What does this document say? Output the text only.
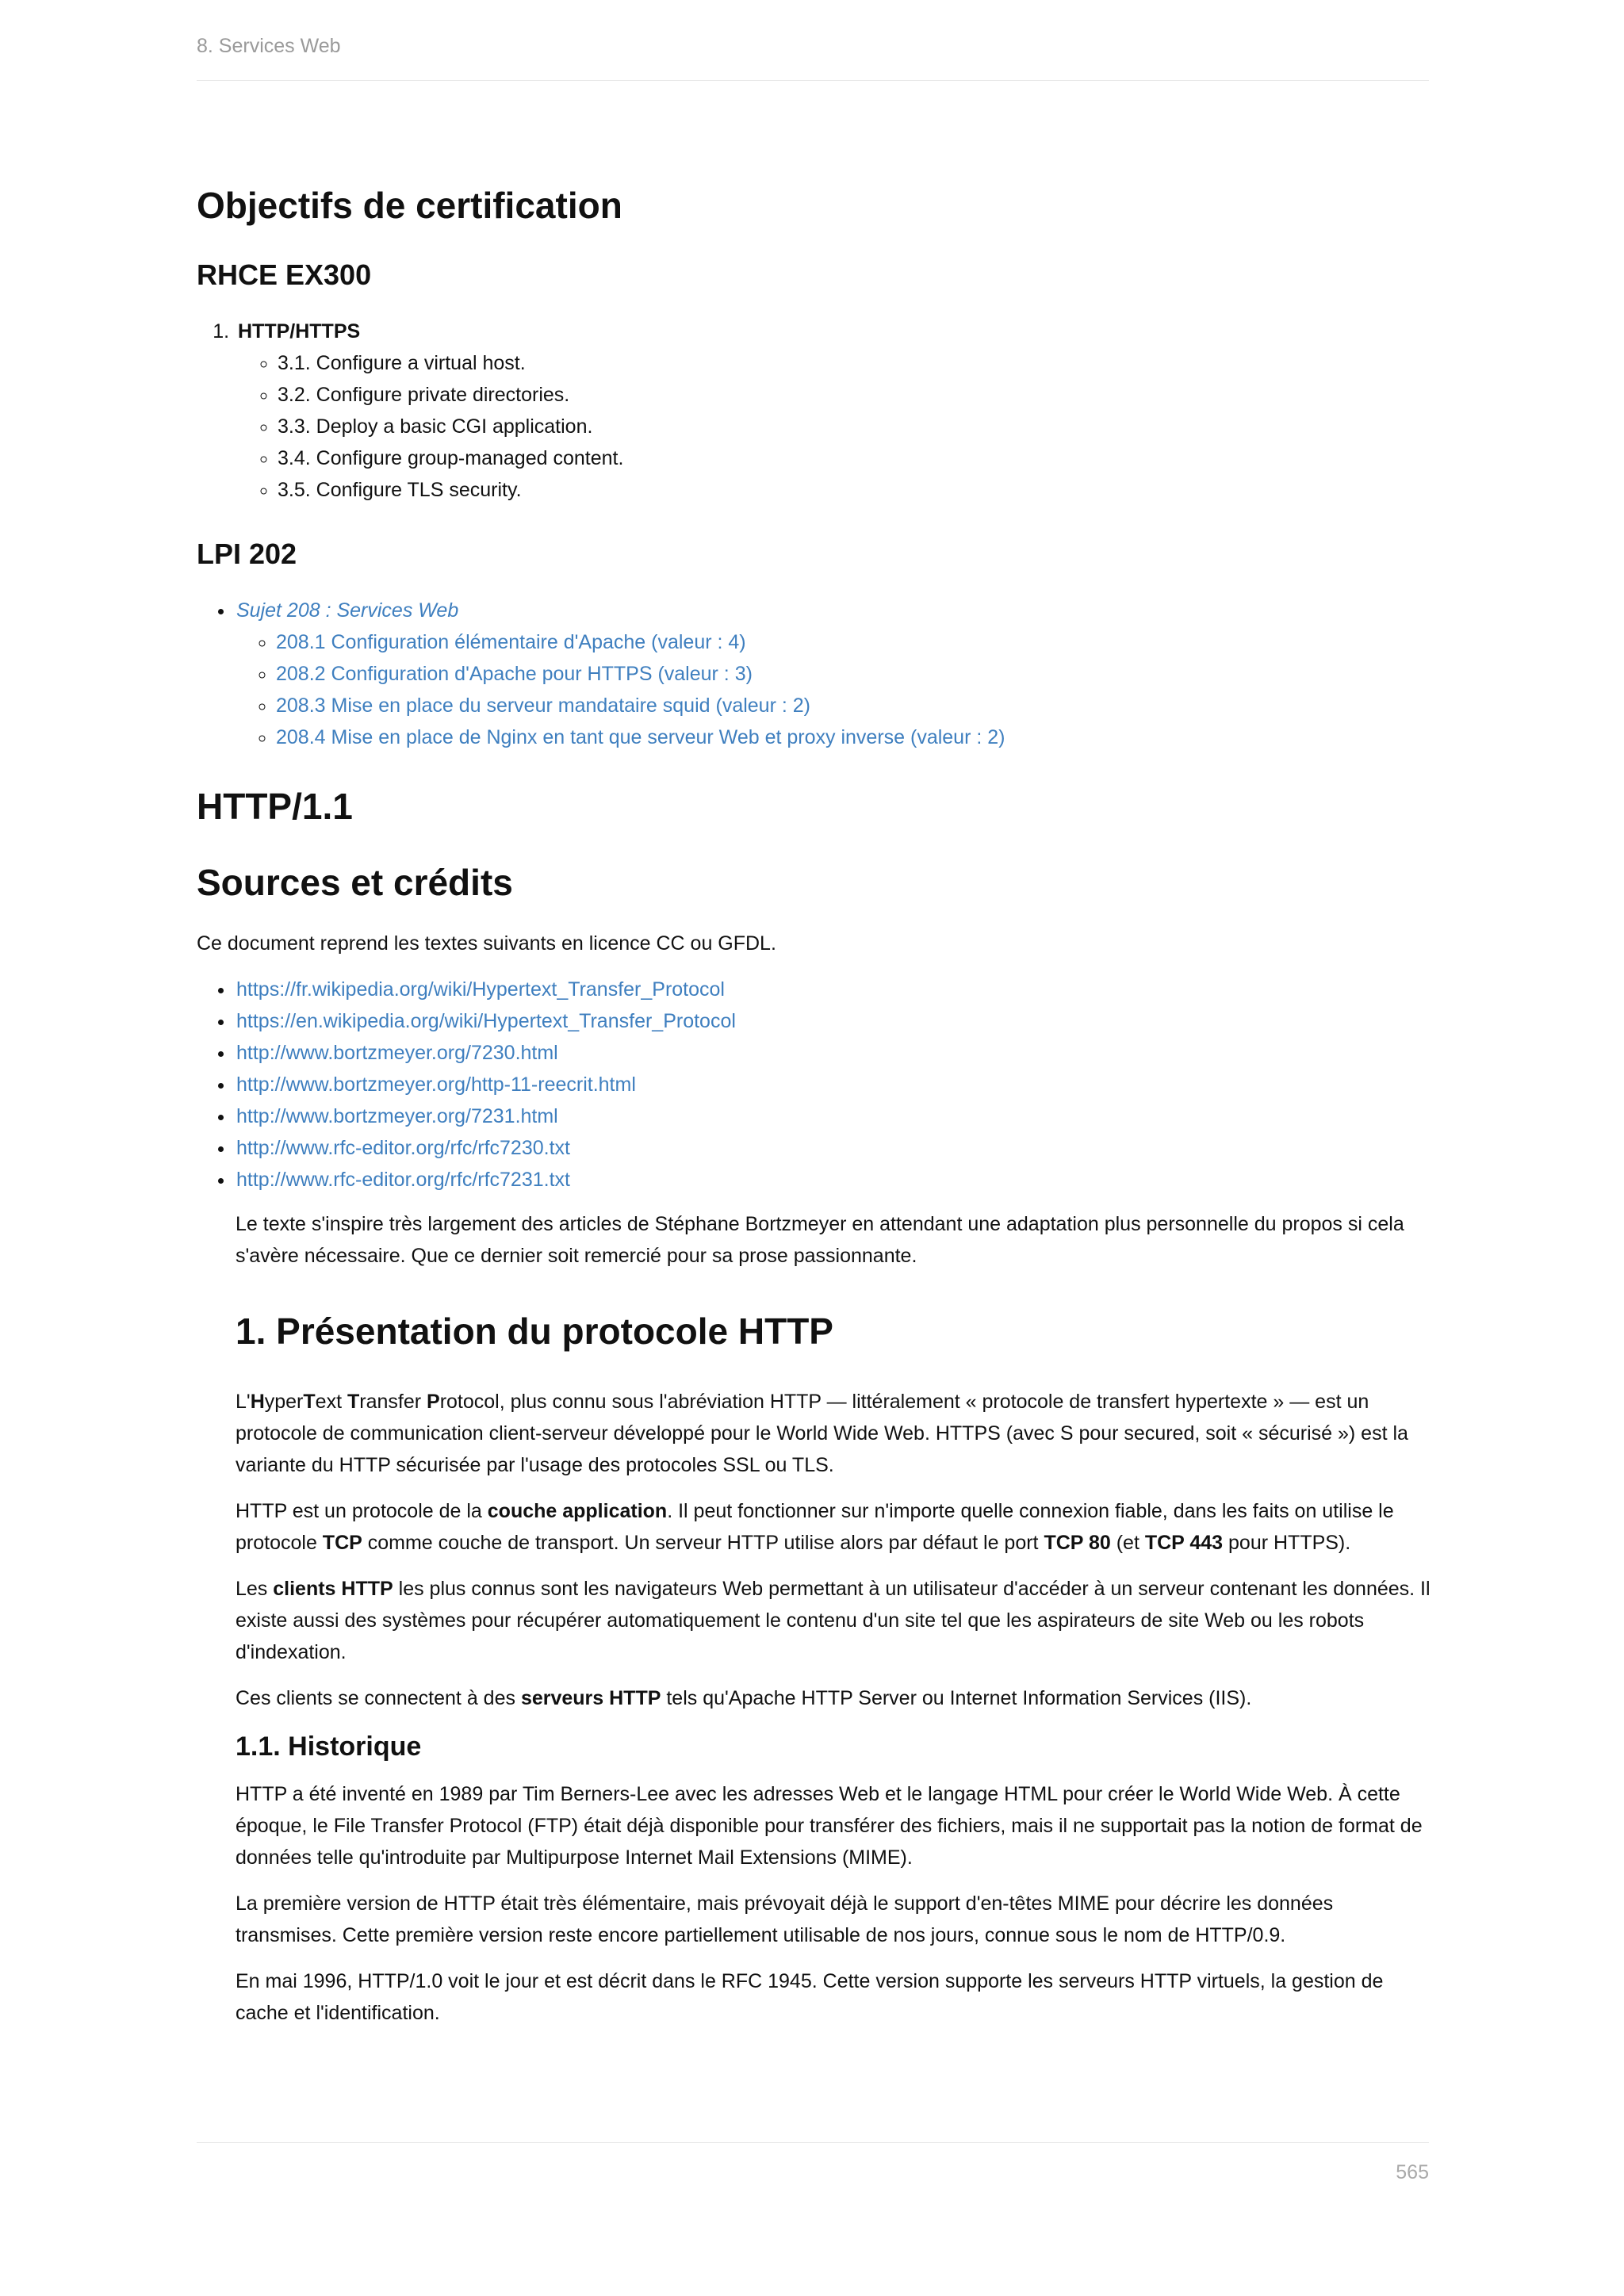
8. Services Web
Objectifs de certification
RHCE EX300
1. HTTP/HTTPS
◦ 3.1. Configure a virtual host.
◦ 3.2. Configure private directories.
◦ 3.3. Deploy a basic CGI application.
◦ 3.4. Configure group-managed content.
◦ 3.5. Configure TLS security.
LPI 202
• Sujet 208 : Services Web
◦ 208.1 Configuration élémentaire d'Apache (valeur : 4)
◦ 208.2 Configuration d'Apache pour HTTPS (valeur : 3)
◦ 208.3 Mise en place du serveur mandataire squid (valeur : 2)
◦ 208.4 Mise en place de Nginx en tant que serveur Web et proxy inverse (valeur : 2)
HTTP/1.1
Sources et crédits

Ce document reprend les textes suivants en licence CC ou GFDL.

• https://fr.wikipedia.org/wiki/Hypertext_Transfer_Protocol
• https://en.wikipedia.org/wiki/Hypertext_Transfer_Protocol
• http://www.bortzmeyer.org/7230.html
• http://www.bortzmeyer.org/http-11-reecrit.html
• http://www.bortzmeyer.org/7231.html
• http://www.rfc-editor.org/rfc/rfc7230.txt
• http://www.rfc-editor.org/rfc/rfc7231.txt

Le texte s'inspire très largement des articles de Stéphane Bortzmeyer en attendant une adaptation plus personnelle du propos si cela s'avère nécessaire. Que ce dernier soit remercié pour sa prose passionnante.

1. Présentation du protocole HTTP

L'HyperText Transfer Protocol, plus connu sous l'abréviation HTTP — littéralement « protocole de transfert hypertexte » — est un protocole de communication client-serveur développé pour le World Wide Web. HTTPS (avec S pour secured, soit « sécurisé ») est la variante du HTTP sécurisée par l'usage des protocoles SSL ou TLS.

HTTP est un protocole de la couche application. Il peut fonctionner sur n'importe quelle connexion fiable, dans les faits on utilise le protocole TCP comme couche de transport. Un serveur HTTP utilise alors par défaut le port TCP 80 (et TCP 443 pour HTTPS).

Les clients HTTP les plus connus sont les navigateurs Web permettant à un utilisateur d'accéder à un serveur contenant les données. Il existe aussi des systèmes pour récupérer automatiquement le contenu d'un site tel que les aspirateurs de site Web ou les robots d'indexation.

Ces clients se connectent à des serveurs HTTP tels qu'Apache HTTP Server ou Internet Information Services (IIS).

1.1. Historique

HTTP a été inventé en 1989 par Tim Berners-Lee avec les adresses Web et le langage HTML pour créer le World Wide Web. À cette époque, le File Transfer Protocol (FTP) était déjà disponible pour transférer des fichiers, mais il ne supportait pas la notion de format de données telle qu'introduite par Multipurpose Internet Mail Extensions (MIME).

La première version de HTTP était très élémentaire, mais prévoyait déjà le support d'en-têtes MIME pour décrire les données transmises. Cette première version reste encore partiellement utilisable de nos jours, connue sous le nom de HTTP/0.9.

En mai 1996, HTTP/1.0 voit le jour et est décrit dans le RFC 1945. Cette version supporte les serveurs HTTP virtuels, la gestion de cache et l'identification.

565
